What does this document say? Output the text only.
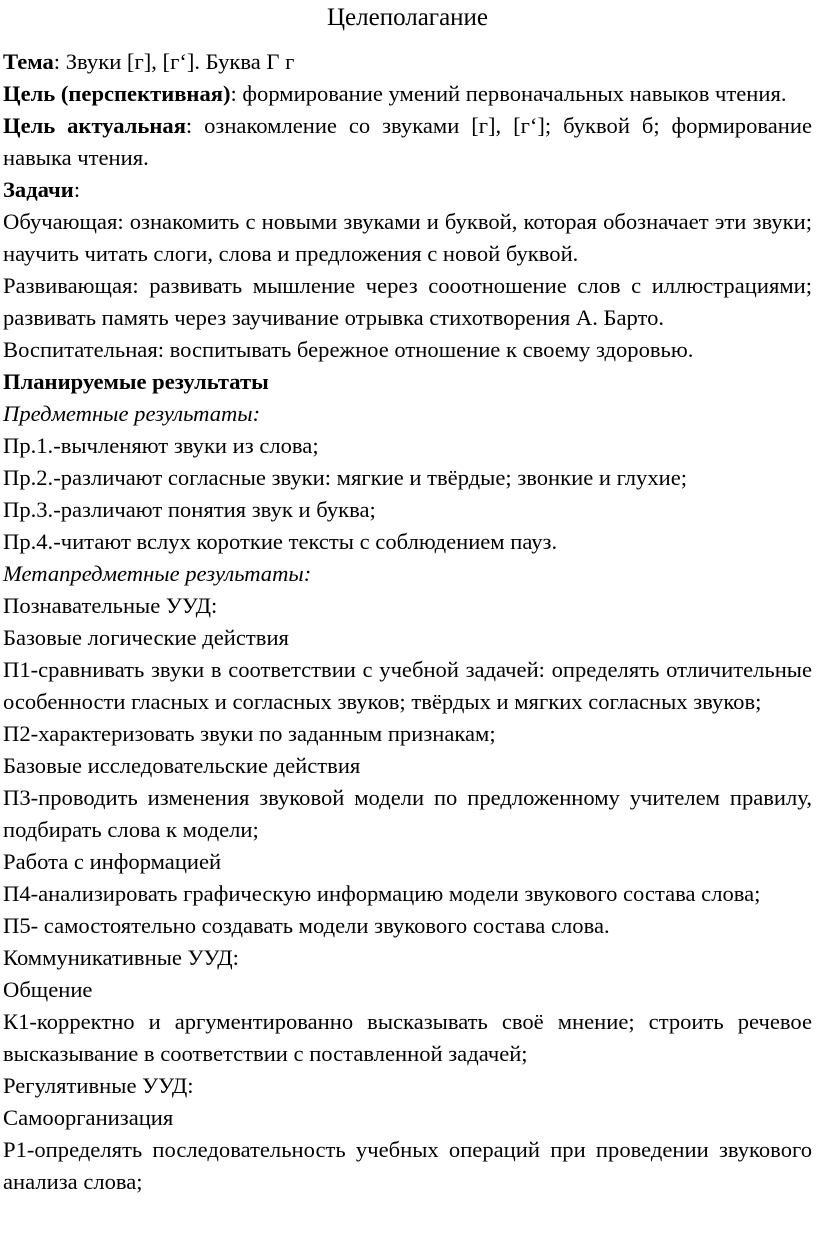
Целеполагание

Тема: Звуки [г], [г‘]. Буква Г г

Цель (перспективная): формирование умений первоначальных навыков чтения.

Цель актуальная: ознакомление со звуками [г], [г‘]; буквой б; формирование навыка чтения.

Задачи:

Обучающая: ознакомить с новыми звуками и буквой, которая обозначает эти звуки; научить читать слоги, слова и предложения с новой буквой.

Развивающая: развивать мышление через сооотношение слов с иллюстрациями; развивать память через заучивание отрывка стихотворения А. Барто.

Воспитательная: воспитывать бережное отношение к своему здоровью.

Планируемые результаты

Предметные результаты:

Пр.1.-вычленяют звуки из слова;

Пр.2.-различают согласные звуки: мягкие и твёрдые; звонкие и глухие;

Пр.3.-различают понятия звук и буква;

Пр.4.-читают вслух короткие тексты с соблюдением пауз.

Метапредметные результаты:

Познавательные УУД:

Базовые логические действия

П1-сравнивать звуки в соответствии с учебной задачей: определять отличительные особенности гласных и согласных звуков; твёрдых и мягких согласных звуков;

П2-характеризовать звуки по заданным признакам;

Базовые исследовательские действия

П3-проводить изменения звуковой модели по предложенному учителем правилу, подбирать слова к модели;

Работа с информацией

П4-анализировать графическую информацию модели звукового состава слова;

П5- самостоятельно создавать модели звукового состава слова.

Коммуникативные УУД:

Общение

К1-корректно и аргументированно высказывать своё мнение; строить речевое высказывание в соответствии с поставленной задачей;

Регулятивные УУД:

Самоорганизация

Р1-определять последовательность учебных операций при проведении звукового анализа слова;
